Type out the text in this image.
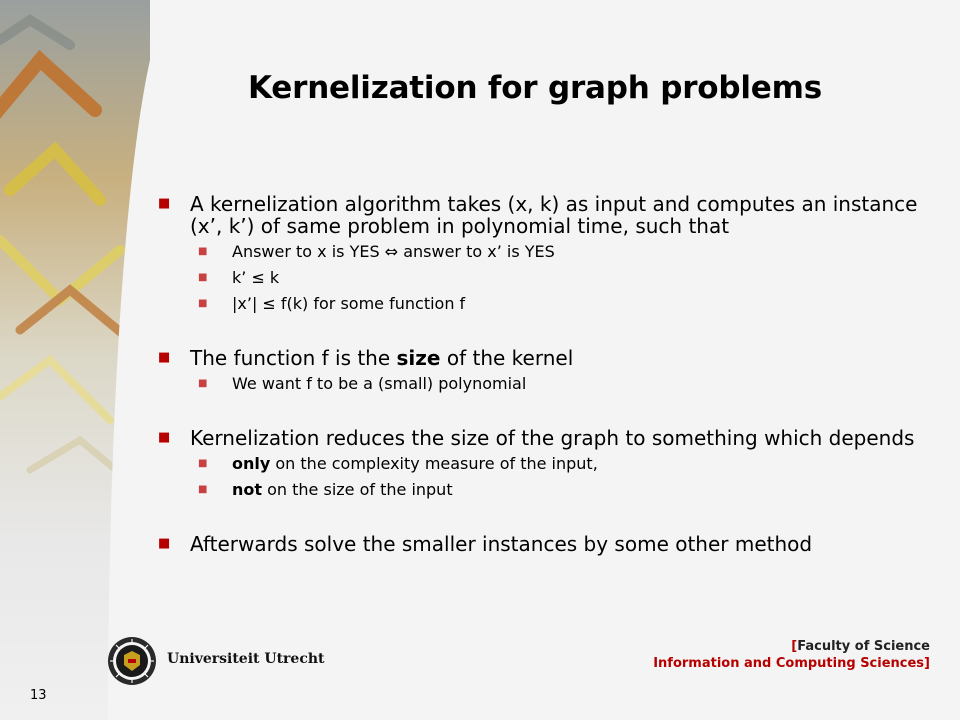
Kernelization for graph problems
■ A kernelization algorithm takes (x, k) as input and computes an instance (x’, k’) of same problem in polynomial time, such that
■ Answer to x is YES ⇔ answer to x’ is YES
■ k’ ≤ k
■ |x’| ≤ f(k) for some function f
■ The function f is the size of the kernel
■ We want f to be a (small) polynomial
■ Kernelization reduces the size of the graph to something which depends
■ only on the complexity measure of the input,
■ not on the size of the input
■ Afterwards solve the smaller instances by some other method
Universiteit Utrecht
[Faculty of Science
Information and Computing Sciences]
13
